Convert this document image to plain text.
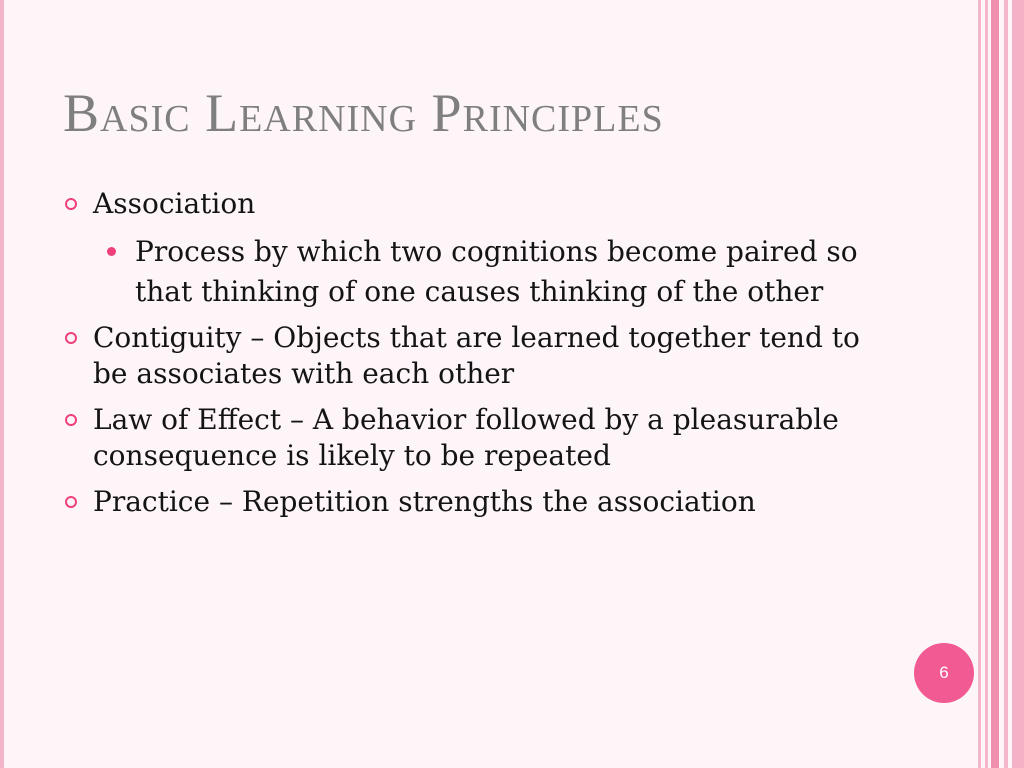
Basic Learning Principles
Association
Process by which two cognitions become paired so that thinking of one causes thinking of the other
Contiguity – Objects that are learned together tend to be associates with each other
Law of Effect – A behavior followed by a pleasurable consequence is likely to be repeated
Practice – Repetition strengths the association
6
